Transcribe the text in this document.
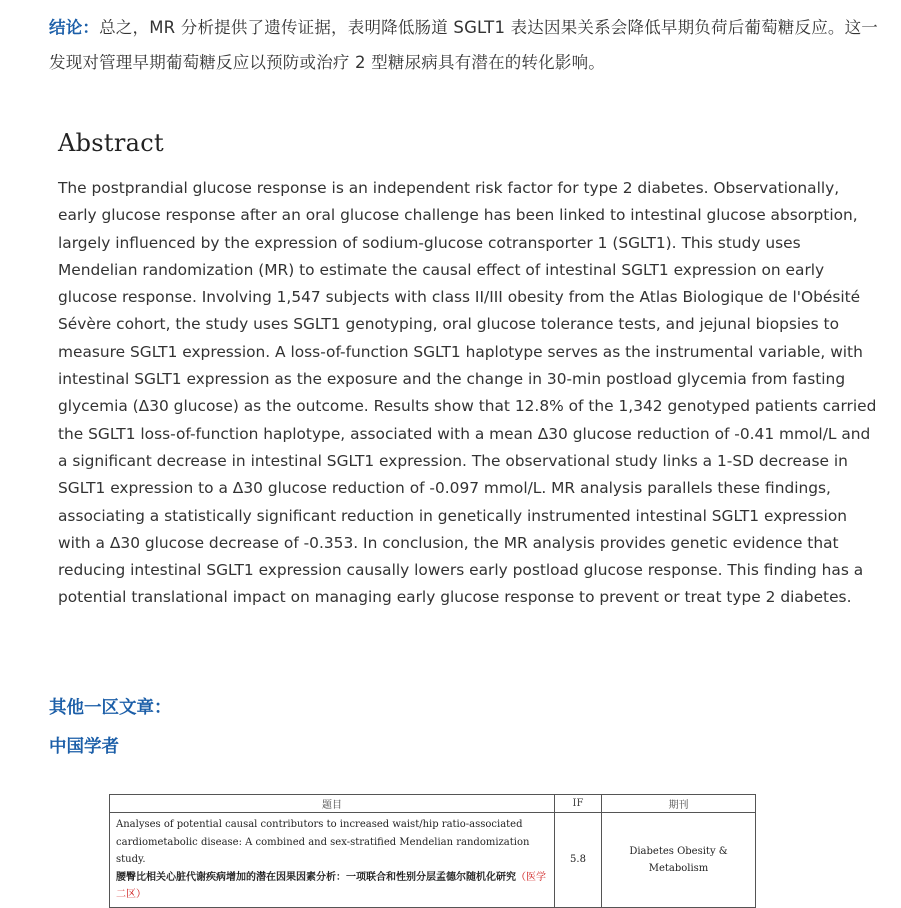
结论：总之，MR 分析提供了遗传证据，表明降低肠道 SGLT1 表达因果关系会降低早期负荷后葡萄糖反应。这一发现对管理早期葡萄糖反应以预防或治疗 2 型糖尿病具有潜在的转化影响。
Abstract

The postprandial glucose response is an independent risk factor for type 2 diabetes. Observationally, early glucose response after an oral glucose challenge has been linked to intestinal glucose absorption, largely influenced by the expression of sodium-glucose cotransporter 1 (SGLT1). This study uses Mendelian randomization (MR) to estimate the causal effect of intestinal SGLT1 expression on early glucose response. Involving 1,547 subjects with class II/III obesity from the Atlas Biologique de l'Obésité Sévère cohort, the study uses SGLT1 genotyping, oral glucose tolerance tests, and jejunal biopsies to measure SGLT1 expression. A loss-of-function SGLT1 haplotype serves as the instrumental variable, with intestinal SGLT1 expression as the exposure and the change in 30-min postload glycemia from fasting glycemia (Δ30 glucose) as the outcome. Results show that 12.8% of the 1,342 genotyped patients carried the SGLT1 loss-of-function haplotype, associated with a mean Δ30 glucose reduction of -0.41 mmol/L and a significant decrease in intestinal SGLT1 expression. The observational study links a 1-SD decrease in SGLT1 expression to a Δ30 glucose reduction of -0.097 mmol/L. MR analysis parallels these findings, associating a statistically significant reduction in genetically instrumented intestinal SGLT1 expression with a Δ30 glucose decrease of -0.353. In conclusion, the MR analysis provides genetic evidence that reducing intestinal SGLT1 expression causally lowers early postload glucose response. This finding has a potential translational impact on managing early glucose response to prevent or treat type 2 diabetes.

其他一区文章：
中国学者
题目	IF	期刊
Analyses of potential causal contributors to increased waist/hip ratio-associated cardiometabolic disease: A combined and sex-stratified Mendelian randomization study.
腰臀比相关心脏代谢疾病增加的潜在因果因素分析：一项联合和性别分层孟德尔随机化研究（医学二区）	5.8	Diabetes Obesity & Metabolism
